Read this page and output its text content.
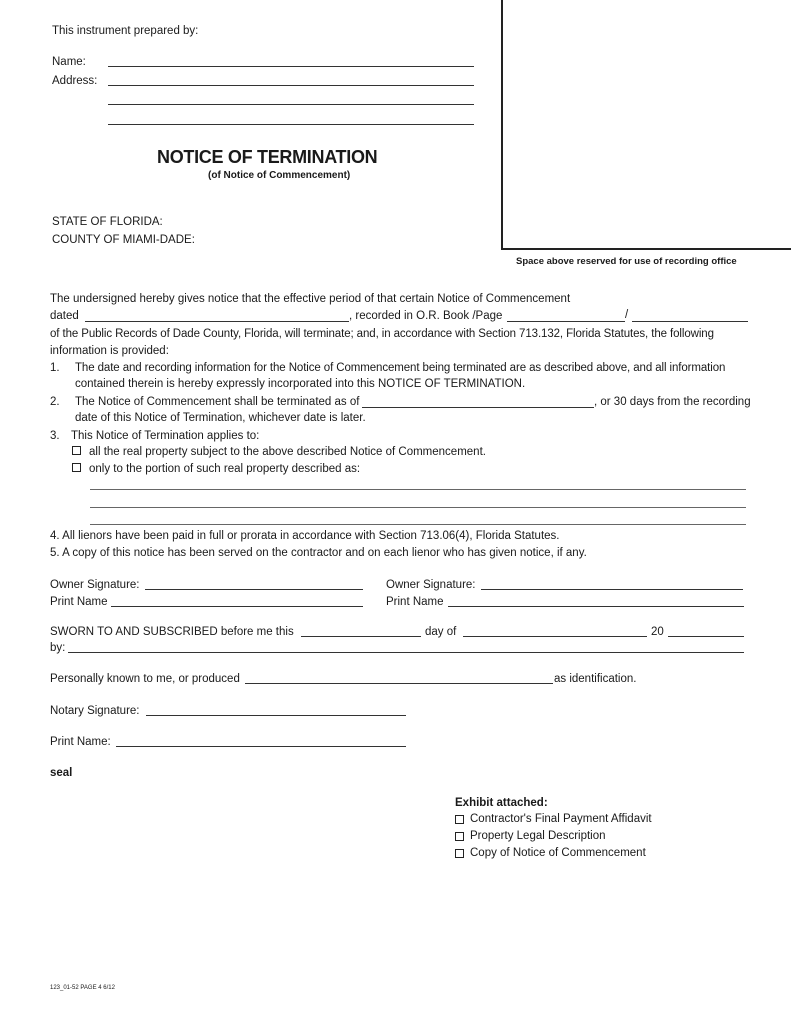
This instrument prepared by:
Name:
Address:
Space above reserved for use of recording office
NOTICE OF TERMINATION
(of Notice of Commencement)
STATE OF FLORIDA:
COUNTY OF MIAMI-DADE:
The undersigned hereby gives notice that the effective period of that certain Notice of Commencement
dated	, recorded in O.R. Book /Page	/
of the Public Records of Dade County, Florida, will terminate; and, in accordance with Section 713.132, Florida Statutes, the following
information is provided:
1. The date and recording information for the Notice of Commencement being terminated are as described above, and all information
contained therein is hereby expressly incorporated into this NOTICE OF TERMINATION.
2. The Notice of Commencement shall be terminated as of	, or 30 days from the recording
date of this Notice of Termination, whichever date is later.
3. This Notice of Termination applies to:
all the real property subject to the above described Notice of Commencement.
only to the portion of such real property described as:
4. All lienors have been paid in full or prorata in accordance with Section 713.06(4), Florida Statutes.
5. A copy of this notice has been served on the contractor and on each lienor who has given notice, if any.
Owner Signature:
Print Name
Owner Signature:
Print Name
SWORN TO AND SUBSCRIBED before me this	day of	20
by:
Personally known to me, or produced	as identification.
Notary Signature:
Print Name:
seal
Exhibit attached:
Contractor's Final Payment Affidavit
Property Legal Description
Copy of Notice of Commencement
123_01-52 PAGE 4 6/12
